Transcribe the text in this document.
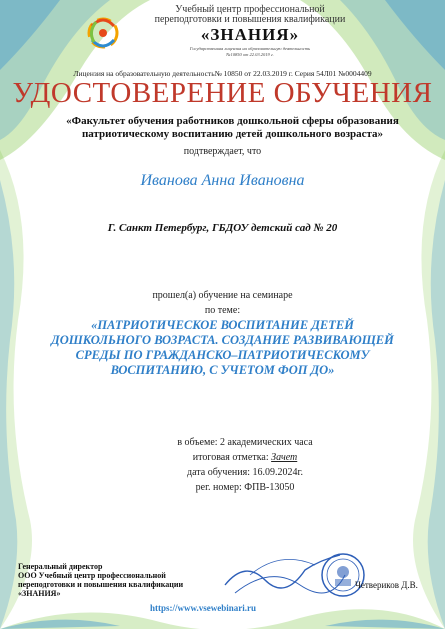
Учебный центр профессиональной
переподготовки и повышения квалификации
«ЗНАНИЯ»
Государственная лицензия на образовательную деятельность
№10850 от 22.03.2019 г.
Лицензия на образовательную деятельность№ 10850 от 22.03.2019 г. Серия 54Л01 №0004409
УДОСТОВЕРЕНИЕ ОБУЧЕНИЯ
«Факультет обучения работников дошкольной сферы образования патриотическому воспитанию детей дошкольного возраста»
подтверждает, что
Иванова Анна Ивановна
Г. Санкт Петербург, ГБДОУ детский сад № 20
прошел(а) обучение на семинаре
по теме:
«ПАТРИОТИЧЕСКОЕ ВОСПИТАНИЕ ДЕТЕЙ ДОШКОЛЬНОГО ВОЗРАСТА. СОЗДАНИЕ РАЗВИВАЮЩЕЙ СРЕДЫ ПО ГРАЖДАНСКО–ПАТРИОТИЧЕСКОМУ ВОСПИТАНИЮ, С УЧЕТОМ ФОП ДО»
в объеме: 2 академических часа
итоговая отметка: Зачет
дата обучения: 16.09.2024г.
рег. номер: ФПВ-13050
Генеральный директор
ООО Учебный центр профессиональной
переподготовки и повышения квалификации
«ЗНАНИЯ»
Четвериков Д.В.
https://www.vsewebinari.ru
